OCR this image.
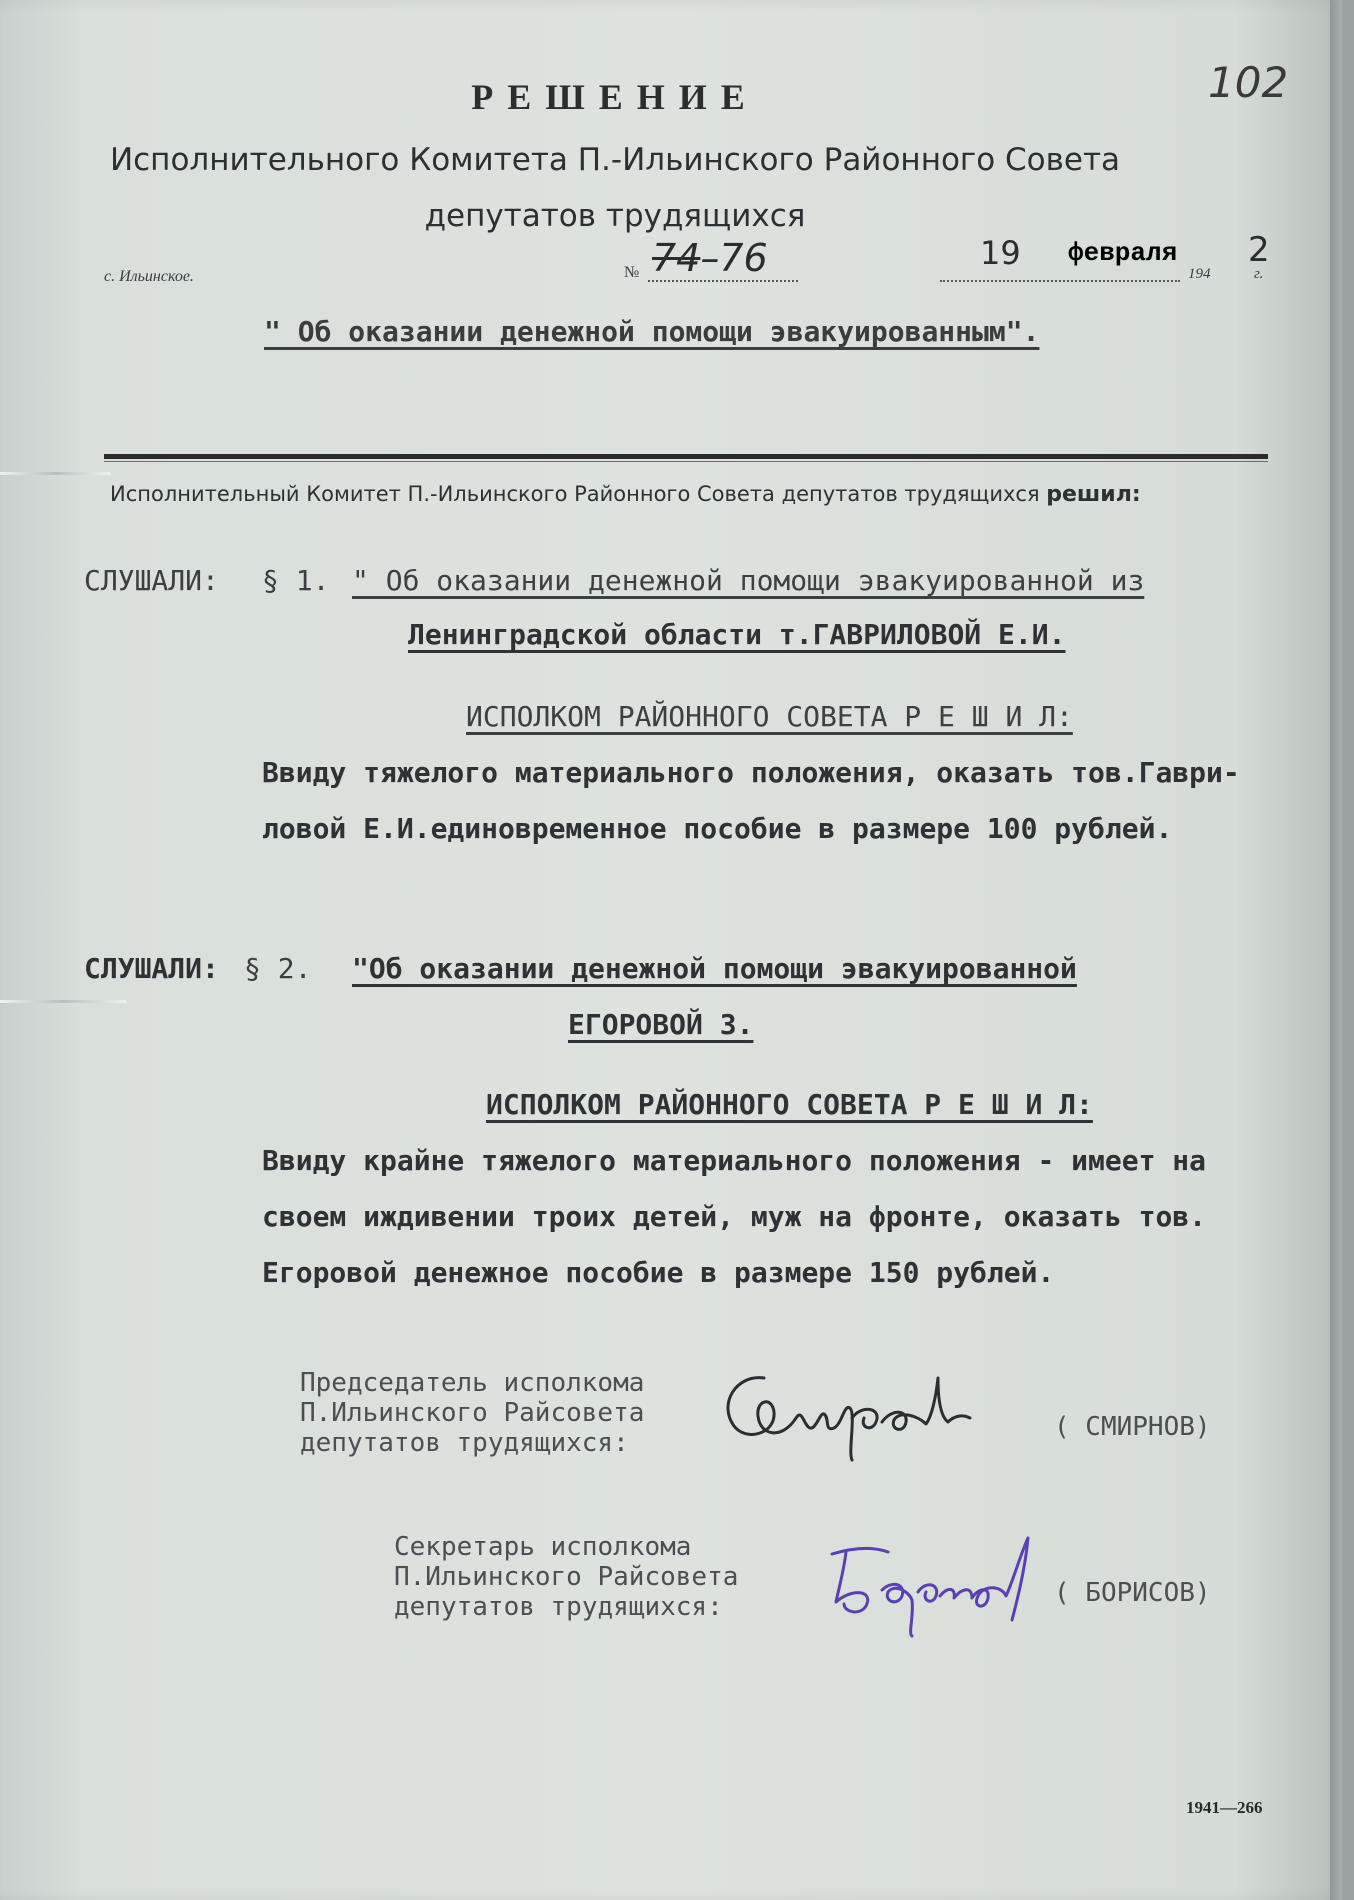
102
РЕШЕНИЕ
Исполнительного Комитета П.-Ильинского Районного Совета
депутатов трудящихся
с. Ильинское.	№ 74–76	19 февраля
194
2
г.
" Об оказании денежной помощи эвакуированным".
Исполнительный Комитет П.-Ильинского Районного Совета депутатов трудящихся решил:
СЛУШАЛИ: § 1. " Об оказании денежной помощи эвакуированной из
Ленинградской области т.ГАВРИЛОВОЙ Е.И.
ИСПОЛКОМ РАЙОННОГО СОВЕТА Р Е Ш И Л:
Ввиду тяжелого материального положения, оказать тов.Гаври-
ловой Е.И.единовременное пособие в размере 100 рублей.
СЛУШАЛИ: § 2. "Об оказании денежной помощи эвакуированной
ЕГОРОВОЙ З.
ИСПОЛКОМ РАЙОННОГО СОВЕТА Р Е Ш И Л:
Ввиду крайне тяжелого материального положения - имеет на
своем иждивении троих детей, муж на фронте, оказать тов.
Егоровой денежное пособие в размере 150 рублей.
Председатель исполкома
П.Ильинского Райсовета
депутатов трудящихся:
( СМИРНОВ)
Секретарь исполкома
П.Ильинского Райсовета
депутатов трудящихся:	( БОРИСОВ)
1941—266
